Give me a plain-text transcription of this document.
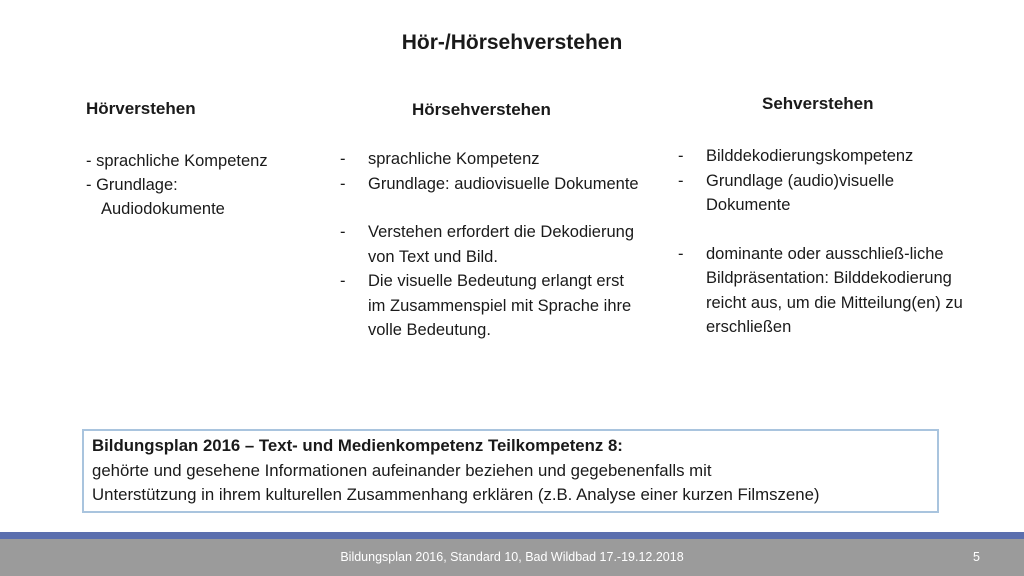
Hör-/Hörsehverstehen
Hörverstehen
- sprachliche Kompetenz
- Grundlage:
Audiodokumente
Hörsehverstehen
- sprachliche Kompetenz
- Grundlage: audiovisuelle Dokumente
- Verstehen erfordert die Dekodierung von Text und Bild.
- Die visuelle Bedeutung erlangt erst im Zusammenspiel mit Sprache ihre volle Bedeutung.
Sehverstehen
- Bilddekodierungskompetenz
- Grundlage (audio)visuelle Dokumente
- dominante oder ausschließ-liche Bildpräsentation: Bilddekodierung reicht aus, um die Mitteilung(en) zu erschließen
Bildungsplan 2016 – Text- und Medienkompetenz Teilkompetenz 8:
gehörte und gesehene Informationen aufeinander beziehen und gegebenenfalls mit
Unterstützung in ihrem kulturellen Zusammenhang erklären (z.B. Analyse einer kurzen Filmszene)
Bildungsplan 2016, Standard 10, Bad Wildbad 17.-19.12.2018	5
